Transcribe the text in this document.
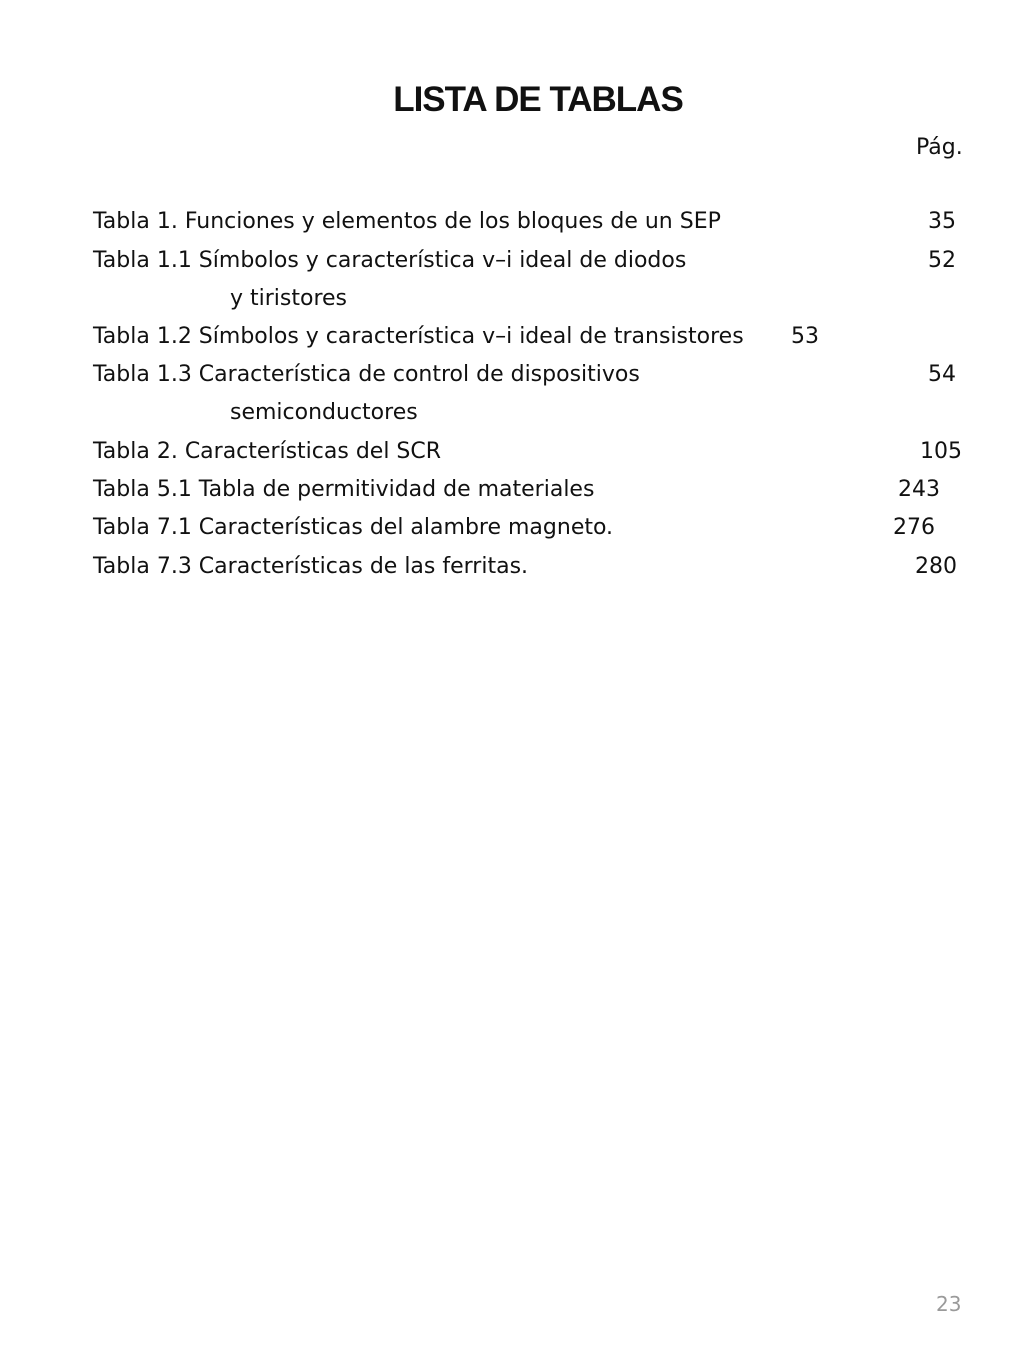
LISTA DE TABLAS
Pág.
Tabla 1. Funciones y elementos de los bloques de un SEP	35
Tabla 1.1 Símbolos y característica v–i ideal de diodos	52
y tiristores
Tabla 1.2 Símbolos y característica v–i ideal de transistores 53
Tabla 1.3 Característica de control de dispositivos	54
semiconductores
Tabla 2. Características del SCR	105
Tabla 5.1 Tabla de permitividad de materiales	243
Tabla 7.1 Características del alambre magneto.	276
Tabla 7.3 Características de las ferritas.	280
23
